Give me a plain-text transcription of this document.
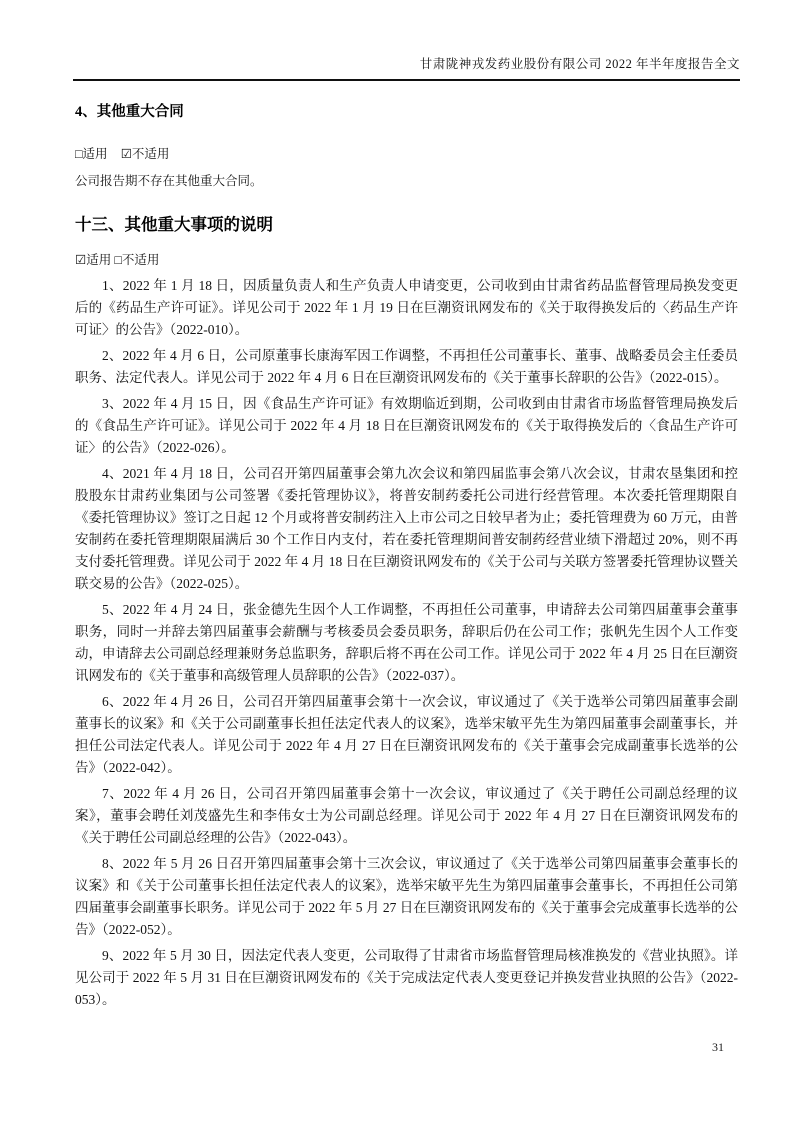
甘肃陇神戎发药业股份有限公司 2022 年半年度报告全文
4、其他重大合同
□适用 ☑不适用
公司报告期不存在其他重大合同。
十三、其他重大事项的说明
☑适用 □不适用

1、2022 年 1 月 18 日，因质量负责人和生产负责人申请变更，公司收到由甘肃省药品监督管理局换发变更后的《药品生产许可证》。详见公司于 2022 年 1 月 19 日在巨潮资讯网发布的《关于取得换发后的〈药品生产许可证〉的公告》（2022-010）。

2、2022 年 4 月 6 日，公司原董事长康海军因工作调整，不再担任公司董事长、董事、战略委员会主任委员职务、法定代表人。详见公司于 2022 年 4 月 6 日在巨潮资讯网发布的《关于董事长辞职的公告》（2022-015）。

3、2022 年 4 月 15 日，因《食品生产许可证》有效期临近到期，公司收到由甘肃省市场监督管理局换发后的《食品生产许可证》。详见公司于 2022 年 4 月 18 日在巨潮资讯网发布的《关于取得换发后的〈食品生产许可证〉的公告》（2022-026）。

4、2021 年 4 月 18 日，公司召开第四届董事会第九次会议和第四届监事会第八次会议，甘肃农垦集团和控股股东甘肃药业集团与公司签署《委托管理协议》，将普安制药委托公司进行经营管理。本次委托管理期限自《委托管理协议》签订之日起 12 个月或将普安制药注入上市公司之日较早者为止；委托管理费为 60 万元，由普安制药在委托管理期限届满后 30 个工作日内支付，若在委托管理期间普安制药经营业绩下滑超过 20%，则不再支付委托管理费。详见公司于 2022 年 4 月 18 日在巨潮资讯网发布的《关于公司与关联方签署委托管理协议暨关联交易的公告》（2022-025）。

5、2022 年 4 月 24 日，张金德先生因个人工作调整，不再担任公司董事，申请辞去公司第四届董事会董事职务，同时一并辞去第四届董事会薪酬与考核委员会委员职务，辞职后仍在公司工作；张帆先生因个人工作变动，申请辞去公司副总经理兼财务总监职务，辞职后将不再在公司工作。详见公司于 2022 年 4 月 25 日在巨潮资讯网发布的《关于董事和高级管理人员辞职的公告》（2022-037）。

6、2022 年 4 月 26 日，公司召开第四届董事会第十一次会议，审议通过了《关于选举公司第四届董事会副董事长的议案》和《关于公司副董事长担任法定代表人的议案》，选举宋敏平先生为第四届董事会副董事长，并担任公司法定代表人。详见公司于 2022 年 4 月 27 日在巨潮资讯网发布的《关于董事会完成副董事长选举的公告》（2022-042）。

7、2022 年 4 月 26 日，公司召开第四届董事会第十一次会议，审议通过了《关于聘任公司副总经理的议案》，董事会聘任刘茂盛先生和李伟女士为公司副总经理。详见公司于 2022 年 4 月 27 日在巨潮资讯网发布的《关于聘任公司副总经理的公告》（2022-043）。

8、2022 年 5 月 26 日召开第四届董事会第十三次会议，审议通过了《关于选举公司第四届董事会董事长的议案》和《关于公司董事长担任法定代表人的议案》，选举宋敏平先生为第四届董事会董事长，不再担任公司第四届董事会副董事长职务。详见公司于 2022 年 5 月 27 日在巨潮资讯网发布的《关于董事会完成董事长选举的公告》（2022-052）。

9、2022 年 5 月 30 日，因法定代表人变更，公司取得了甘肃省市场监督管理局核准换发的《营业执照》。详见公司于 2022 年 5 月 31 日在巨潮资讯网发布的《关于完成法定代表人变更登记并换发营业执照的公告》（2022-053）。

31
